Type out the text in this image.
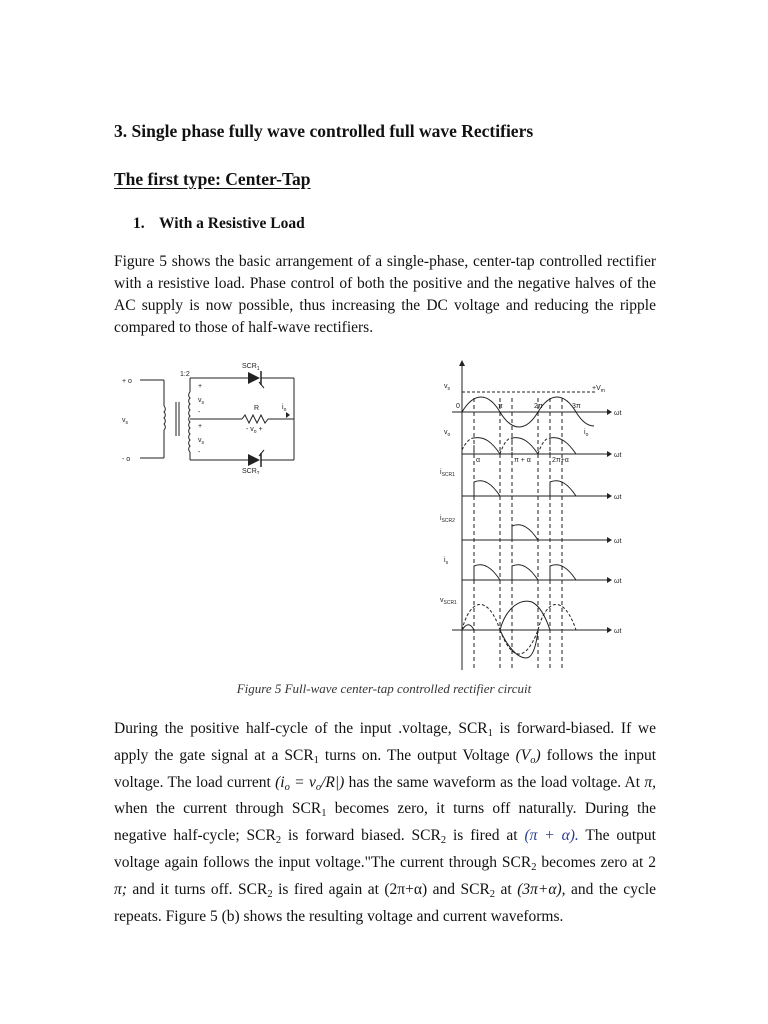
3. Single phase fully wave controlled full wave Rectifiers
The first type: Center-Tap
1. With a Resistive Load

Figure 5 shows the basic arrangement of a single-phase, center-tap controlled rectifier with a resistive load. Phase control of both the positive and the negative halves of the AC supply is now possible, thus increasing the DC voltage and reducing the ripple compared to those of half-wave rectifiers.

1:2
$SCR_1$
$SCR_2$
$v_s$
$v_s$
$v_s$
+
-
+
-
R	$i_o$
- $v_o$ +
+ o
- o
$v_s$	$+V_m$
0	π	2π	3π
ωt
$v_o$	$i_o$
α	π + α	2π+α
ωt
$i_{SCR1}$
ωt
$i_{SCR2}$
ωt
$i_s$
ωt
$v_{SCR1}$
ωt
Figure 5 Full-wave center-tap controlled rectifier circuit

During the positive half-cycle of the input .voltage, $SCR_1$ is forward-biased. If we apply the gate signal at a $SCR_1$ turns on. The output Voltage $(V_o)$ follows the input voltage. The load current $(i_o = v_o/R|)$ has the same waveform as the load voltage. At π, when the current through $SCR_1$ becomes zero, it turns off naturally. During the negative half-cycle; $SCR_2$ is forward biased. $SCR_2$ is fired at (π + α). The output voltage again follows the input voltage."The current through $SCR_2$ becomes zero at 2 π; and it turns off. $SCR_2$ is fired again at (2π+α) and $SCR_2$ at (3π+α), and the cycle repeats. Figure 5 (b) shows the resulting voltage and current waveforms.
